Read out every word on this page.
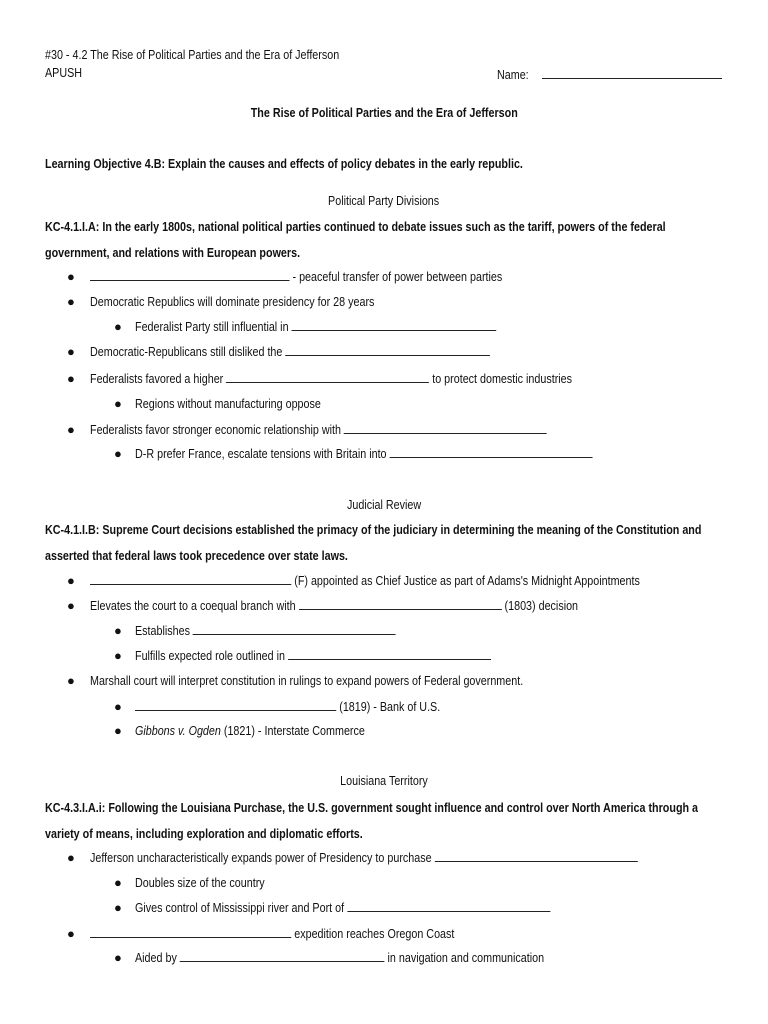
#30 - 4.2 The Rise of Political Parties and the Era of Jefferson
APUSH	Name:
The Rise of Political Parties and the Era of Jefferson
Learning Objective 4.B: Explain the causes and effects of policy debates in the early republic.
Political Party Divisions
KC-4.1.I.A: In the early 1800s, national political parties continued to debate issues such as the tariff, powers of the federal government, and relations with European powers.
●	- peaceful transfer of power between parties
● Democratic Republics will dominate presidency for 28 years
● Federalist Party still influential in
● Democratic-Republicans still disliked the
● Federalists favored a higher	to protect domestic industries
● Regions without manufacturing oppose
● Federalists favor stronger economic relationship with
● D-R prefer France, escalate tensions with Britain into
Judicial Review
KC-4.1.I.B: Supreme Court decisions established the primacy of the judiciary in determining the meaning of the Constitution and asserted that federal laws took precedence over state laws.
●	(F) appointed as Chief Justice as part of Adams's Midnight Appointments
● Elevates the court to a coequal branch with	(1803) decision
● Establishes
● Fulfills expected role outlined in
● Marshall court will interpret constitution in rulings to expand powers of Federal government.
●	(1819) - Bank of U.S.
● Gibbons v. Ogden (1821) - Interstate Commerce
Louisiana Territory
KC-4.3.I.A.i: Following the Louisiana Purchase, the U.S. government sought influence and control over North America through a variety of means, including exploration and diplomatic efforts.
● Jefferson uncharacteristically expands power of Presidency to purchase
● Doubles size of the country
● Gives control of Mississippi river and Port of
●	expedition reaches Oregon Coast
● Aided by	in navigation and communication
